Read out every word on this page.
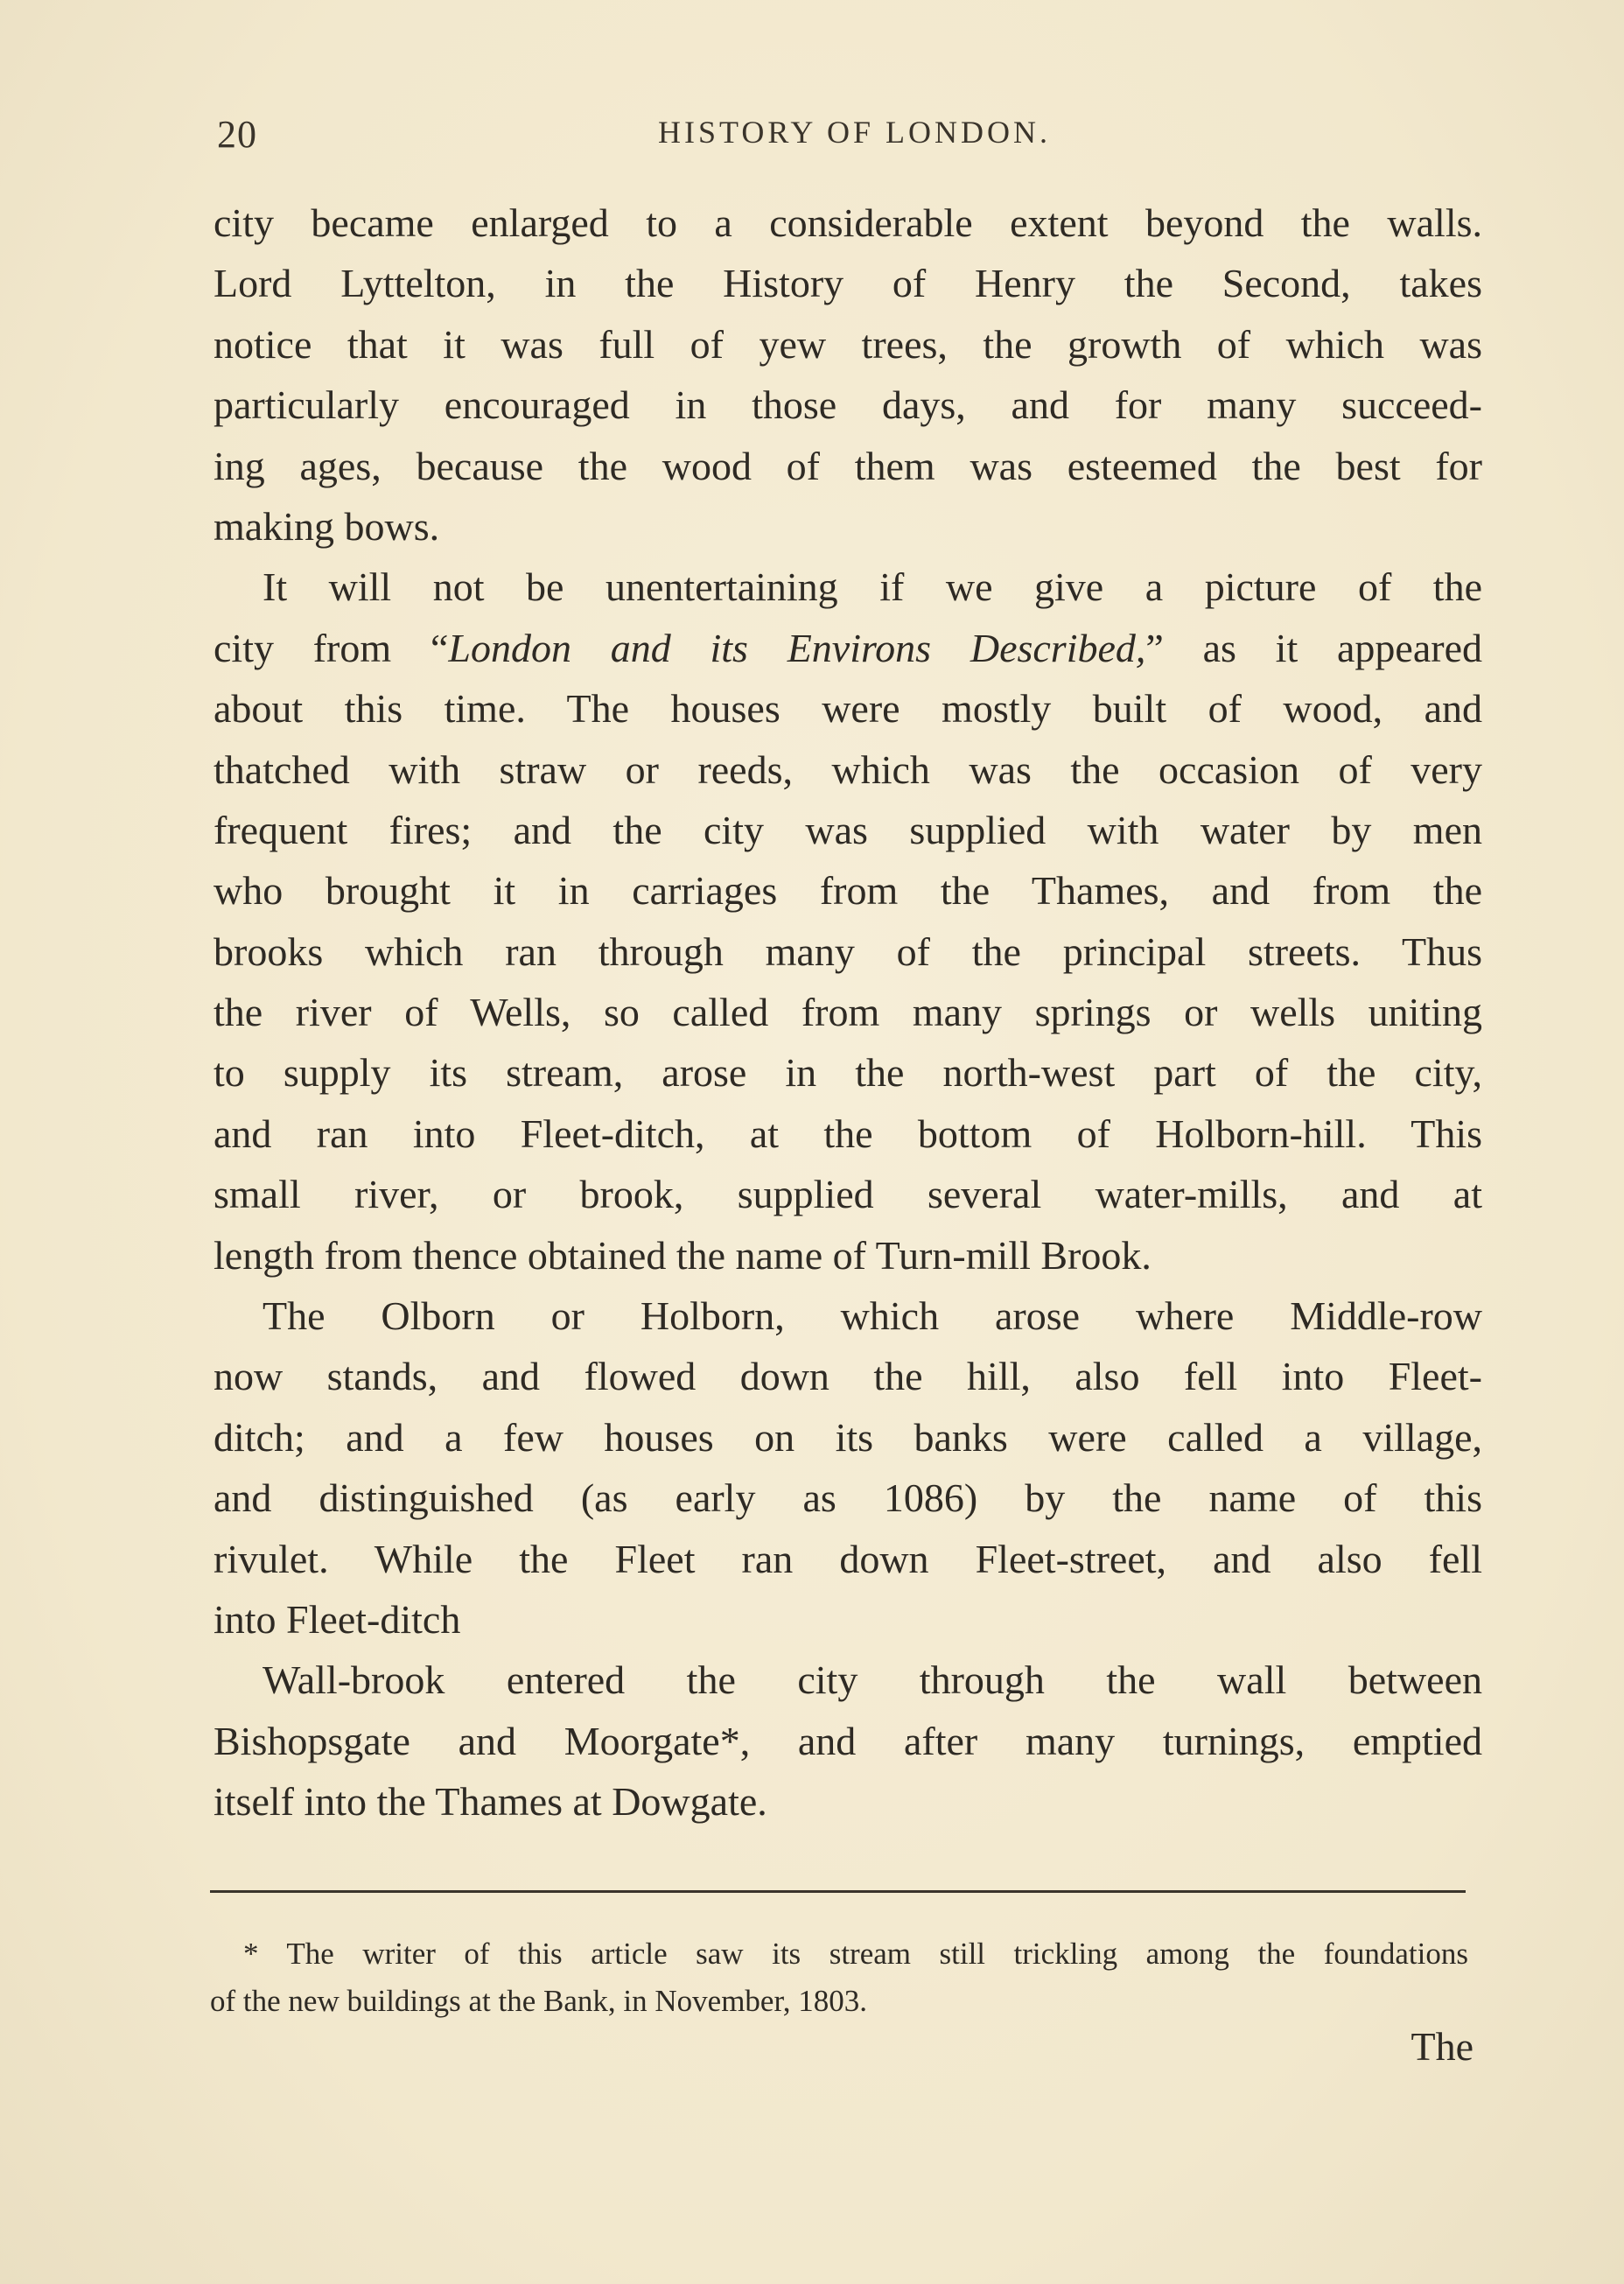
20	HISTORY OF LONDON.
city became enlarged to a considerable extent beyond the walls.
Lord Lyttelton, in the History of Henry the Second, takes
notice that it was full of yew trees, the growth of which was
particularly encouraged in those days, and for many succeed-
ing ages, because the wood of them was esteemed the best for
making bows.
It will not be unentertaining if we give a picture of the
city from “London and its Environs Described,” as it appeared
about this time. The houses were mostly built of wood, and
thatched with straw or reeds, which was the occasion of very
frequent fires; and the city was supplied with water by men
who brought it in carriages from the Thames, and from the
brooks which ran through many of the principal streets. Thus
the river of Wells, so called from many springs or wells uniting
to supply its stream, arose in the north-west part of the city,
and ran into Fleet-ditch, at the bottom of Holborn-hill. This
small river, or brook, supplied several water-mills, and at
length from thence obtained the name of Turn-mill Brook.
The Olborn or Holborn, which arose where Middle-row
now stands, and flowed down the hill, also fell into Fleet-
ditch; and a few houses on its banks were called a village,
and distinguished (as early as 1086) by the name of this
rivulet. While the Fleet ran down Fleet-street, and also fell
into Fleet-ditch
Wall-brook entered the city through the wall between
Bishopsgate and Moorgate*, and after many turnings, emptied
itself into the Thames at Dowgate.
* The writer of this article saw its stream still trickling among the foundations
of the new buildings at the Bank, in November, 1803.
The
